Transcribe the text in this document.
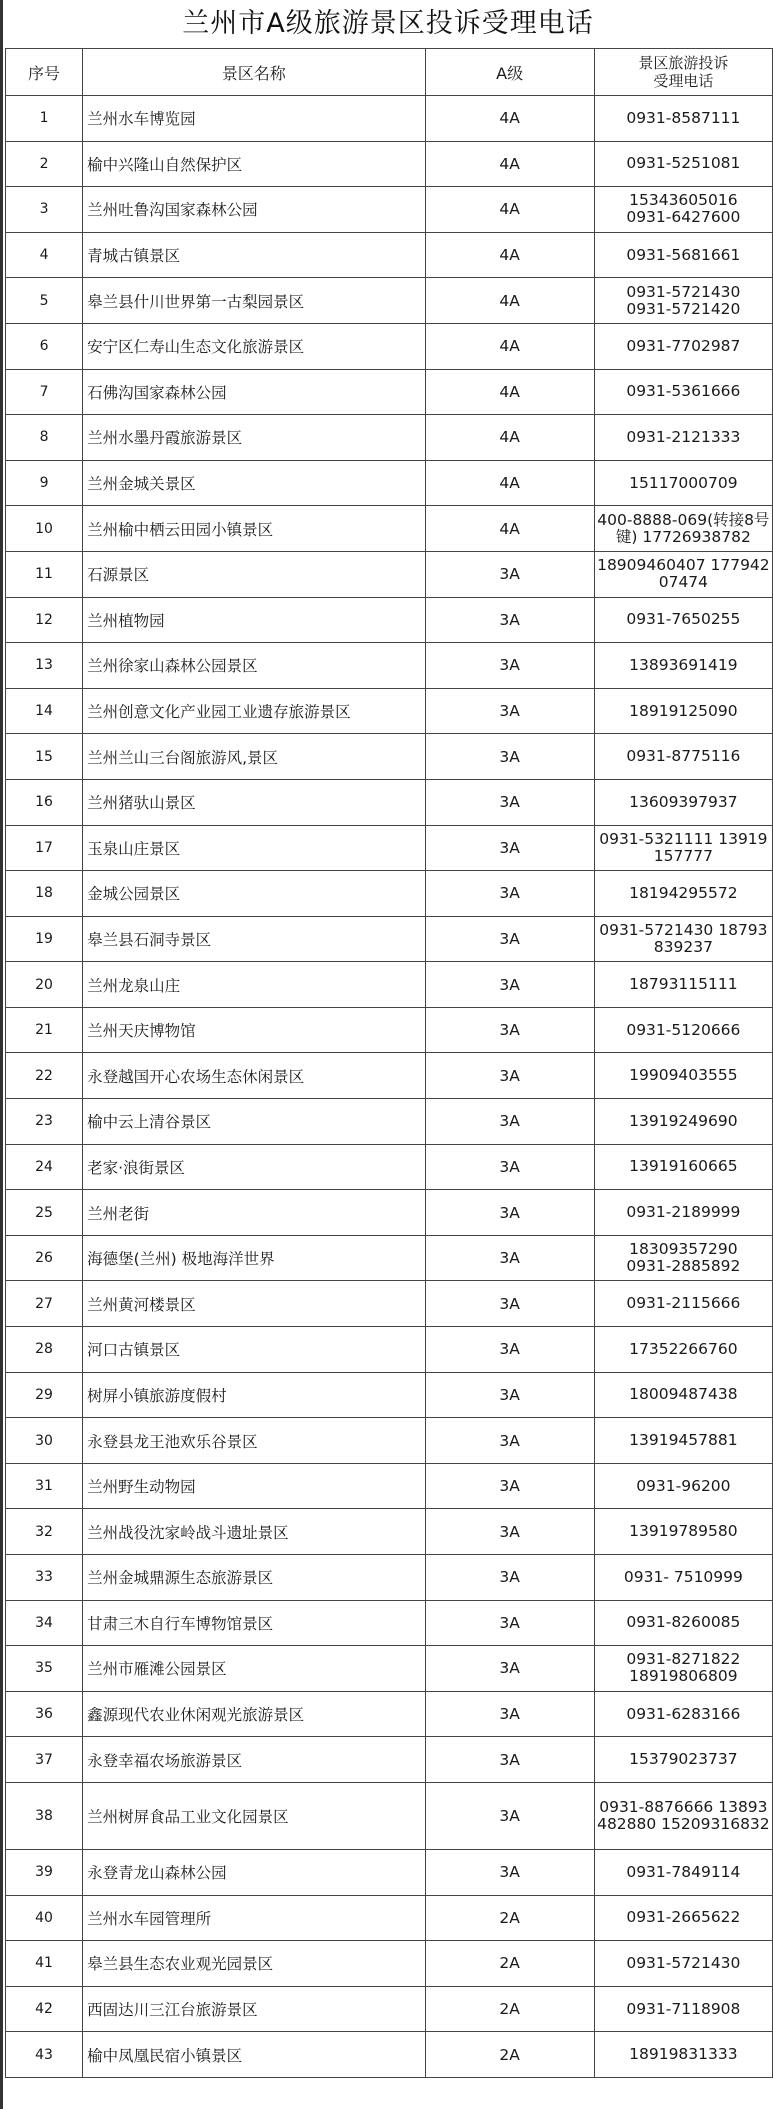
兰州市A级旅游景区投诉受理电话
序号	景区名称	A级	景区旅游投诉
受理电话
1	兰州水车博览园	4A	0931-8587111
2	榆中兴隆山自然保护区	4A	0931-5251081
3	兰州吐鲁沟国家森林公园	4A	15343605016
0931-6427600
4	青城古镇景区	4A	0931-5681661
5	皋兰县什川世界第一古梨园景区	4A	0931-5721430
0931-5721420
6	安宁区仁寿山生态文化旅游景区	4A	0931-7702987
7	石佛沟国家森林公园	4A	0931-5361666
8	兰州水墨丹霞旅游景区	4A	0931-2121333
9	兰州金城关景区	4A	15117000709
10	兰州榆中栖云田园小镇景区	4A	400-8888-069(转接8号键) 17726938782
11	石源景区	3A	18909460407 17794207474
12	兰州植物园	3A	0931-7650255
13	兰州徐家山森林公园景区	3A	13893691419
14	兰州创意文化产业园工业遗存旅游景区	3A	18919125090
15	兰州兰山三台阁旅游风,景区	3A	0931-8775116
16	兰州猪驮山景区	3A	13609397937
17	玉泉山庄景区	3A	0931-5321111 13919157777
18	金城公园景区	3A	18194295572
19	皋兰县石洞寺景区	3A	0931-5721430 18793839237
20	兰州龙泉山庄	3A	18793115111
21	兰州天庆博物馆	3A	0931-5120666
22	永登越国开心农场生态休闲景区	3A	19909403555
23	榆中云上清谷景区	3A	13919249690
24	老家·浪街景区	3A	13919160665
25	兰州老街	3A	0931-2189999
26	海德堡(兰州) 极地海洋世界	3A	18309357290
0931-2885892
27	兰州黄河楼景区	3A	0931-2115666
28	河口古镇景区	3A	17352266760
29	树屏小镇旅游度假村	3A	18009487438
30	永登县龙王池欢乐谷景区	3A	13919457881
31	兰州野生动物园	3A	0931-96200
32	兰州战役沈家岭战斗遗址景区	3A	13919789580
33	兰州金城鼎源生态旅游景区	3A	0931- 7510999
34	甘肃三木自行车博物馆景区	3A	0931-8260085
35	兰州市雁滩公园景区	3A	0931-8271822
18919806809
36	鑫源现代农业休闲观光旅游景区	3A	0931-6283166
37	永登幸福农场旅游景区	3A	15379023737
38	兰州树屏食品工业文化园景区	3A	0931-8876666 13893482880 15209316832
39	永登青龙山森林公园	3A	0931-7849114
40	兰州水车园管理所	2A	0931-2665622
41	皋兰县生态农业观光园景区	2A	0931-5721430
42	西固达川三江台旅游景区	2A	0931-7118908
43	榆中凤凰民宿小镇景区	2A	18919831333
